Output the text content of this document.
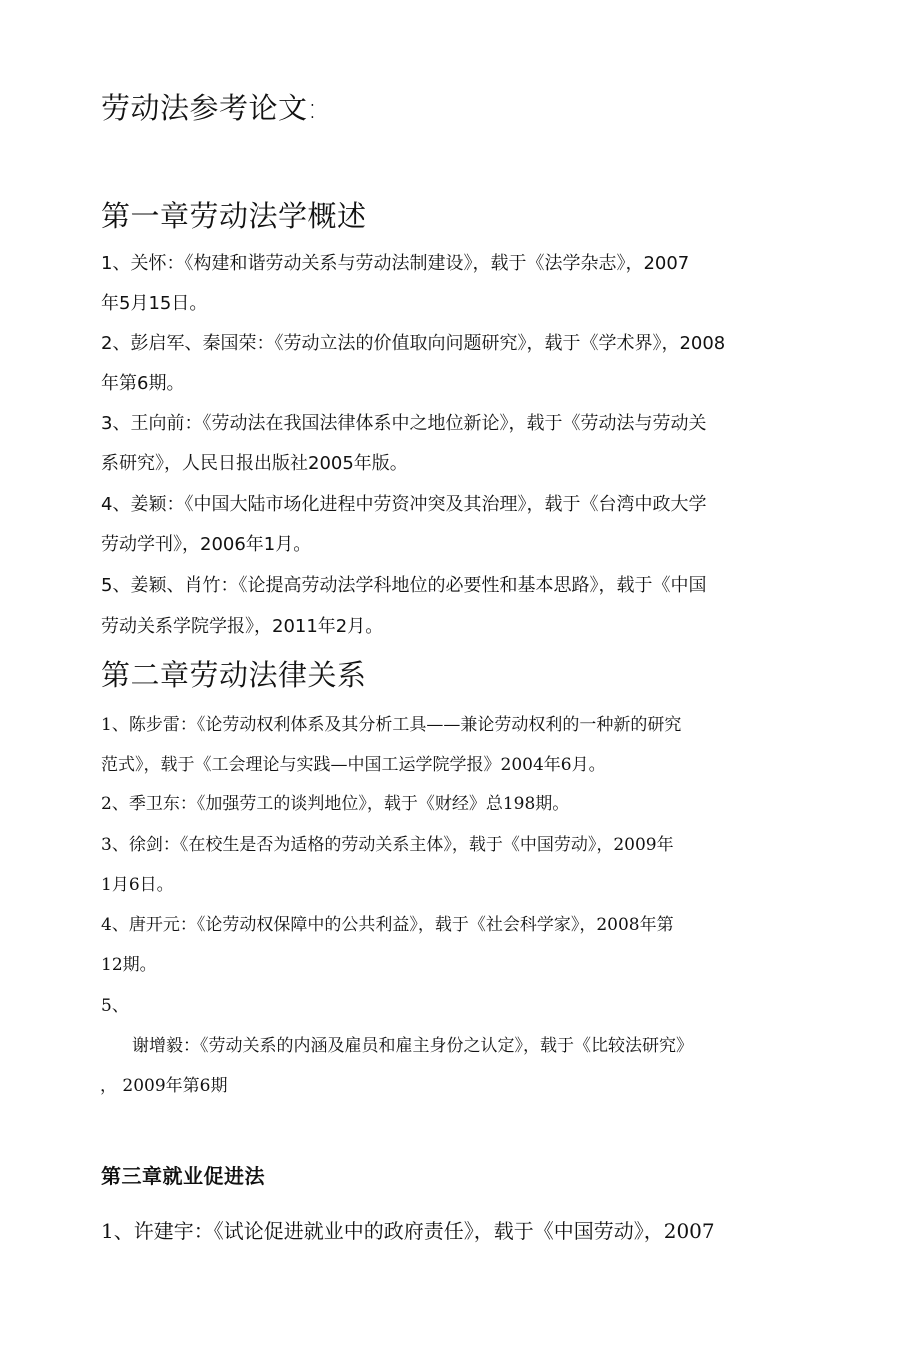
劳动法参考论文:
第一章劳动法学概述
1、关怀：《构建和谐劳动关系与劳动法制建设》，载于《法学杂志》，2007
年5月15日。
2、彭启军、秦国荣：《劳动立法的价值取向问题研究》，载于《学术界》，2008
年第6期。
3、王向前：《劳动法在我国法律体系中之地位新论》，载于《劳动法与劳动关
系研究》，人民日报出版社2005年版。
4、姜颖：《中国大陆市场化进程中劳资冲突及其治理》，载于《台湾中政大学
劳动学刊》，2006年1月。
5、姜颖、肖竹：《论提高劳动法学科地位的必要性和基本思路》，载于《中国
劳动关系学院学报》，2011年2月。
第二章劳动法律关系
1、陈步雷：《论劳动权利体系及其分析工具——兼论劳动权利的一种新的研究
范式》，载于《工会理论与实践—中国工运学院学报》2004年6月。
2、季卫东：《加强劳工的谈判地位》，载于《财经》总198期。
3、徐剑：《在校生是否为适格的劳动关系主体》，载于《中国劳动》，2009年
1月6日。
4、唐开元：《论劳动权保障中的公共利益》，载于《社会科学家》，2008年第
12期。
5、
谢增毅：《劳动关系的内涵及雇员和雇主身份之认定》，载于《比较法研究》
， 2009年第6期
第三章就业促进法
1、许建宇：《试论促进就业中的政府责任》，载于《中国劳动》，2007
